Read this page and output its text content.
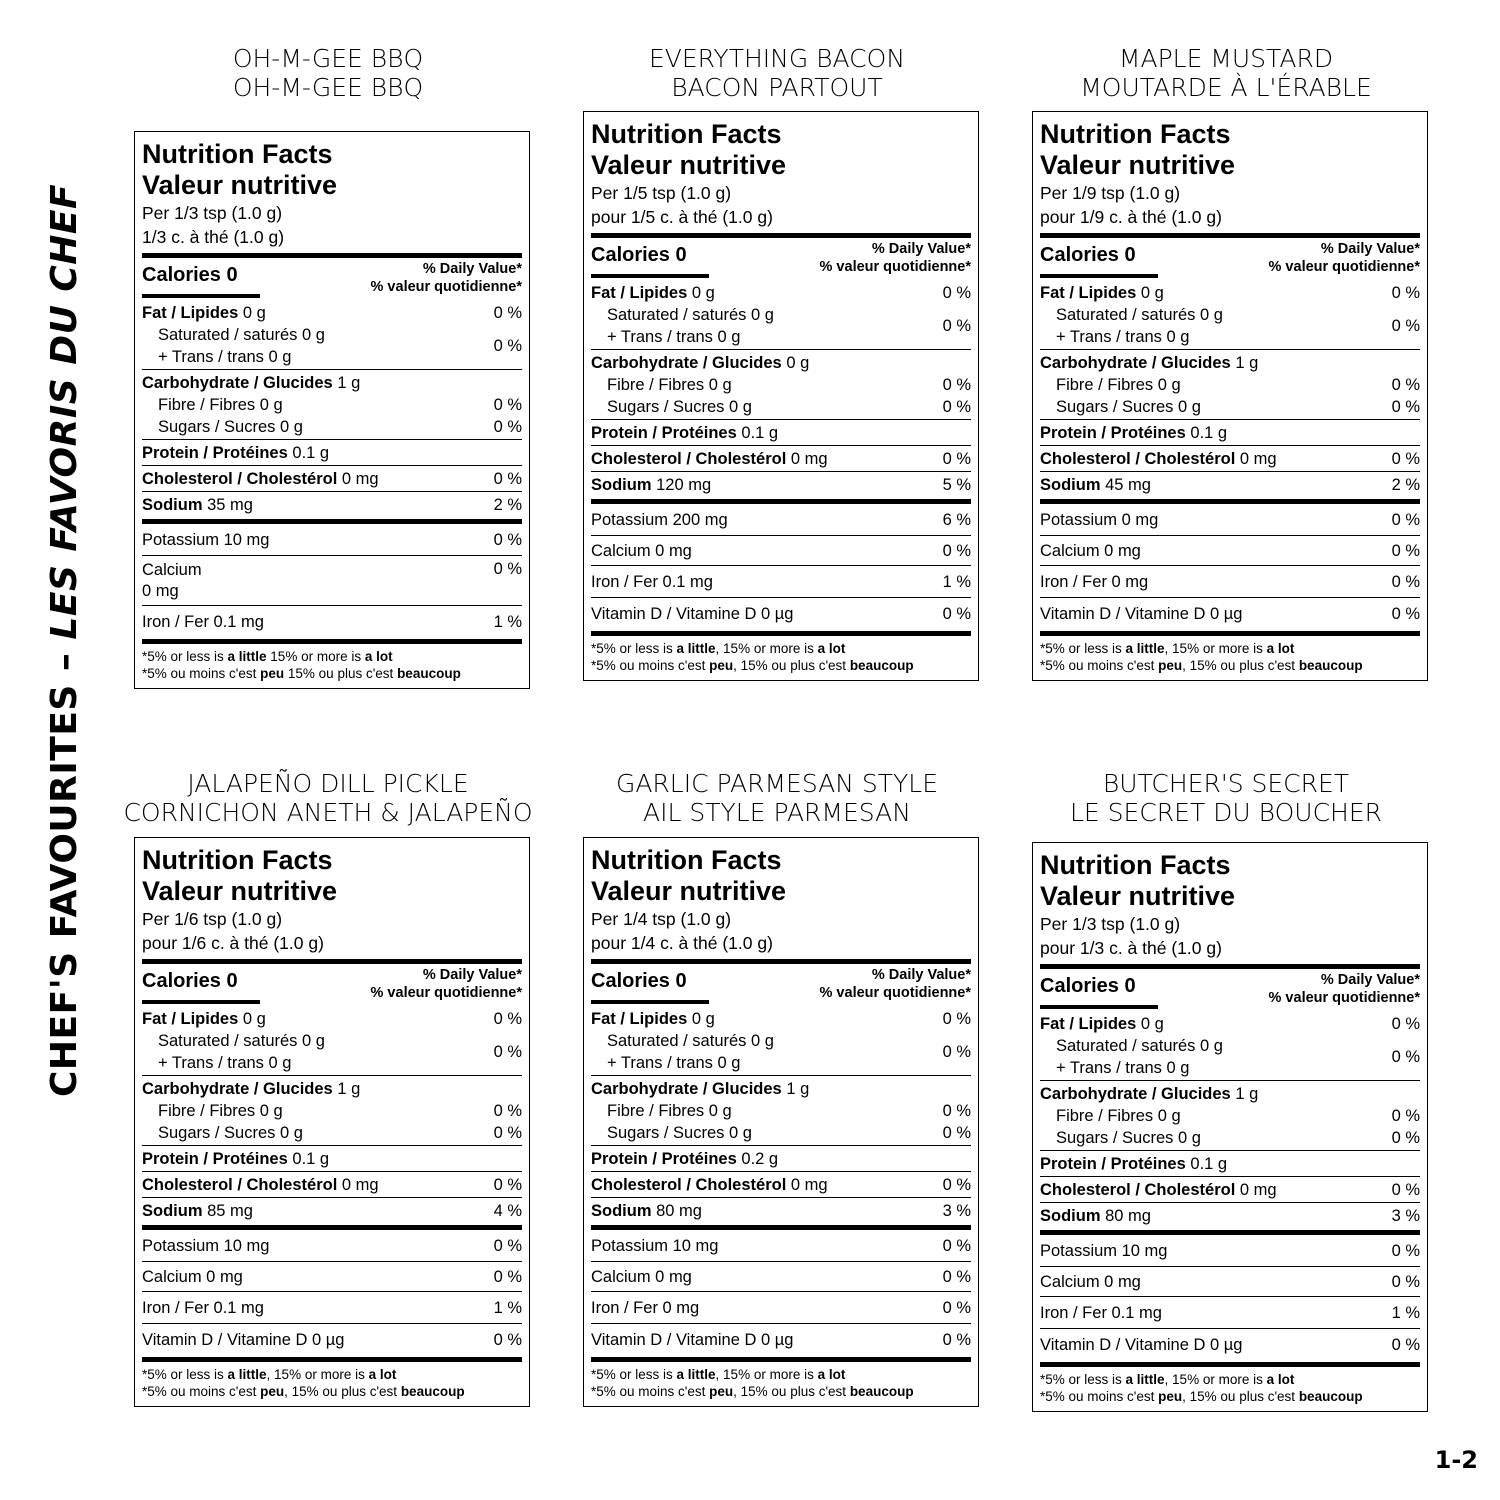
CHEF'S FAVOURITES – LES FAVORIS DU CHEF
OH-M-GEE BBQ
OH-M-GEE BBQ
Nutrition Facts
Valeur nutritive
Per 1/3 tsp (1.0 g)
1/3 c. à thé (1.0 g)
Calories 0	% Daily Value*
% valeur quotidienne*
Fat / Lipides 0 g	0 %
Saturated / saturés 0 g
+ Trans / trans 0 g
0 %
Carbohydrate / Glucides 1 g
Fibre / Fibres 0 g	0 %
Sugars / Sucres 0 g	0 %
Protein / Protéines 0.1 g
Cholesterol / Cholestérol 0 mg	0 %
Sodium 35 mg	2 %
Potassium 10 mg	0 %
Calcium
0 mg
0 %
Iron / Fer 0.1 mg	1 %
*5% or less is a little 15% or more is a lot
*5% ou moins c'est peu 15% ou plus c'est beaucoup
EVERYTHING BACON
BACON PARTOUT
Nutrition Facts
Valeur nutritive
Per 1/5 tsp (1.0 g)
pour 1/5 c. à thé (1.0 g)
Calories 0	% Daily Value*
% valeur quotidienne*
Fat / Lipides 0 g	0 %
Saturated / saturés 0 g
+ Trans / trans 0 g
0 %
Carbohydrate / Glucides 0 g
Fibre / Fibres 0 g	0 %
Sugars / Sucres 0 g	0 %
Protein / Protéines 0.1 g
Cholesterol / Cholestérol 0 mg	0 %
Sodium 120 mg	5 %
Potassium 200 mg	6 %
Calcium 0 mg	0 %
Iron / Fer 0.1 mg	1 %
Vitamin D / Vitamine D 0 µg	0 %
*5% or less is a little, 15% or more is a lot
*5% ou moins c'est peu, 15% ou plus c'est beaucoup
MAPLE MUSTARD
MOUTARDE À L'ÉRABLE
Nutrition Facts
Valeur nutritive
Per 1/9 tsp (1.0 g)
pour 1/9 c. à thé (1.0 g)
Calories 0	% Daily Value*
% valeur quotidienne*
Fat / Lipides 0 g	0 %
Saturated / saturés 0 g
+ Trans / trans 0 g
0 %
Carbohydrate / Glucides 1 g
Fibre / Fibres 0 g	0 %
Sugars / Sucres 0 g	0 %
Protein / Protéines 0.1 g
Cholesterol / Cholestérol 0 mg	0 %
Sodium 45 mg	2 %
Potassium 0 mg	0 %
Calcium 0 mg	0 %
Iron / Fer 0 mg	0 %
Vitamin D / Vitamine D 0 µg	0 %
*5% or less is a little, 15% or more is a lot
*5% ou moins c'est peu, 15% ou plus c'est beaucoup
JALAPEÑO DILL PICKLE
CORNICHON ANETH & JALAPEÑO
Nutrition Facts
Valeur nutritive
Per 1/6 tsp (1.0 g)
pour 1/6 c. à thé (1.0 g)
Calories 0	% Daily Value*
% valeur quotidienne*
Fat / Lipides 0 g	0 %
Saturated / saturés 0 g
+ Trans / trans 0 g
0 %
Carbohydrate / Glucides 1 g
Fibre / Fibres 0 g	0 %
Sugars / Sucres 0 g	0 %
Protein / Protéines 0.1 g
Cholesterol / Cholestérol 0 mg	0 %
Sodium 85 mg	4 %
Potassium 10 mg	0 %
Calcium 0 mg	0 %
Iron / Fer 0.1 mg	1 %
Vitamin D / Vitamine D 0 µg	0 %
*5% or less is a little, 15% or more is a lot
*5% ou moins c'est peu, 15% ou plus c'est beaucoup
GARLIC PARMESAN STYLE
AIL STYLE PARMESAN
Nutrition Facts
Valeur nutritive
Per 1/4 tsp (1.0 g)
pour 1/4 c. à thé (1.0 g)
Calories 0	% Daily Value*
% valeur quotidienne*
Fat / Lipides 0 g	0 %
Saturated / saturés 0 g
+ Trans / trans 0 g
0 %
Carbohydrate / Glucides 1 g
Fibre / Fibres 0 g	0 %
Sugars / Sucres 0 g	0 %
Protein / Protéines 0.2 g
Cholesterol / Cholestérol 0 mg	0 %
Sodium 80 mg	3 %
Potassium 10 mg	0 %
Calcium 0 mg	0 %
Iron / Fer 0 mg	0 %
Vitamin D / Vitamine D 0 µg	0 %
*5% or less is a little, 15% or more is a lot
*5% ou moins c'est peu, 15% ou plus c'est beaucoup
BUTCHER'S SECRET
LE SECRET DU BOUCHER
Nutrition Facts
Valeur nutritive
Per 1/3 tsp (1.0 g)
pour 1/3 c. à thé (1.0 g)
Calories 0	% Daily Value*
% valeur quotidienne*
Fat / Lipides 0 g	0 %
Saturated / saturés 0 g
+ Trans / trans 0 g
0 %
Carbohydrate / Glucides 1 g
Fibre / Fibres 0 g	0 %
Sugars / Sucres 0 g	0 %
Protein / Protéines 0.1 g
Cholesterol / Cholestérol 0 mg	0 %
Sodium 80 mg	3 %
Potassium 10 mg	0 %
Calcium 0 mg	0 %
Iron / Fer 0.1 mg	1 %
Vitamin D / Vitamine D 0 µg	0 %
*5% or less is a little, 15% or more is a lot
*5% ou moins c'est peu, 15% ou plus c'est beaucoup
1-2
